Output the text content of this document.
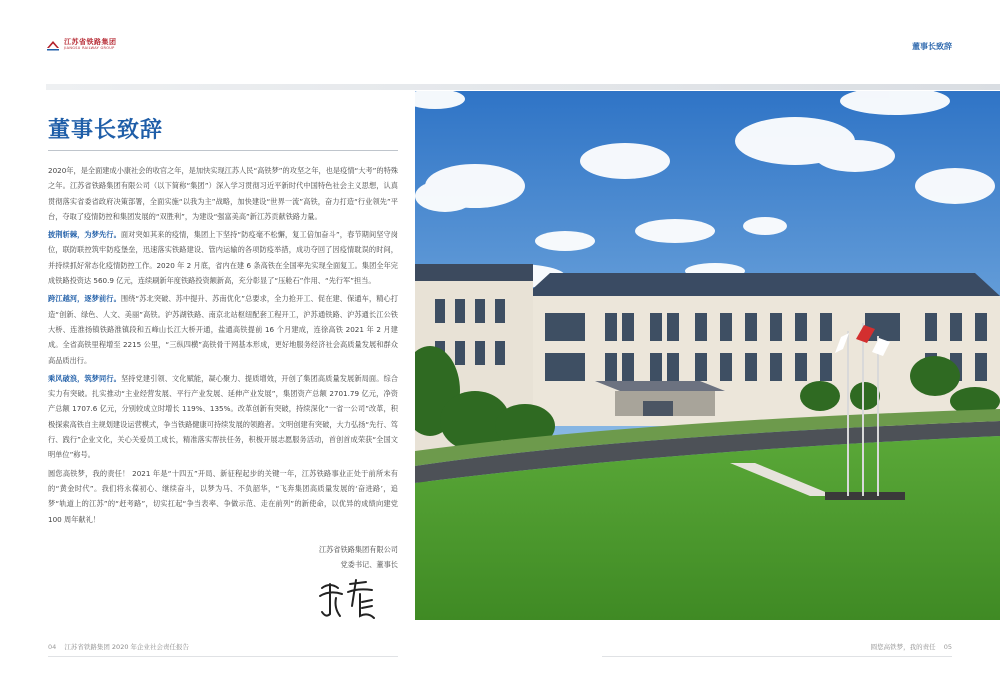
江苏省铁路集团
JIANGSU RAILWAY GROUP	董事长致辞
董事长致辞

2020年，是全面建成小康社会的收官之年，是加快实现江苏人民“高铁梦”的攻坚之年，也是疫情“大考”的特殊之年。江苏省铁路集团有限公司（以下简称“集团”）深入学习贯彻习近平新时代中国特色社会主义思想，认真贯彻落实省委省政府决策部署，全面实施“以我为主”战略，加快建设“世界一流”高铁，奋力打造“行业领先”平台，夺取了疫情防控和集团发展的“双胜利”，为建设“强富美高”新江苏贡献铁路力量。

披荆斩棘，为梦先行。面对突如其来的疫情，集团上下坚持“防疫毫不松懈，复工倍加奋斗”，春节期间坚守岗位，联防联控筑牢防疫堡垒，迅速落实铁路建设、管内运输的各项防疫举措，成功夺回了因疫情耽误的时间，并持续抓好常态化疫情防控工作。2020 年 2 月底，省内在建 6 条高铁在全国率先实现全面复工。集团全年完成铁路投资达 560.9 亿元，连续刷新年度铁路投资额新高，充分彰显了“压舱石”作用、“先行军”担当。

跨江越河，逐梦前行。围绕“苏北突破、苏中提升、苏南优化”总要求，全力抢开工、促在建、保通车，精心打造“创新、绿色、人文、美丽”高铁。沪苏湖铁路、南京北站枢纽配套工程开工，沪苏通铁路、沪苏通长江公铁大桥、连淮扬镇铁路淮镇段和五峰山长江大桥开通，盐通高铁提前 16 个月建成，连徐高铁 2021 年 2 月建成。全省高铁里程增至 2215 公里，“三纵四横”高铁骨干网基本形成，更好地服务经济社会高质量发展和群众高品质出行。

乘风破浪，筑梦同行。坚持党建引领、文化赋能，凝心聚力、提质增效，开创了集团高质量发展新局面。综合实力有突破。扎实推动“主业经营发展、平行产业发展、延伸产业发展”，集团资产总额 2701.79 亿元，净资产总额 1707.6 亿元，分别较成立时增长 119%、135%。改革创新有突破，持续深化“一省一公司”改革，积极探索高铁自主规划建设运营模式，争当铁路健康可持续发展的领跑者。文明创建有突破，大力弘扬“先行、笃行、践行”企业文化，关心关爱员工成长，精准落实帮扶任务，积极开展志愿服务活动，首创首成荣获“全国文明单位”称号。

圆您高铁梦，我的责任！ 2021 年是“十四五”开局、新征程起步的关键一年，江苏铁路事业正处于前所未有的“黄金时代”。我们将永葆初心、继续奋斗，以梦为马、不负韶华，“飞奔集团高质量发展的‘奋进路’，追梦“轨道上的江苏”的“赶考路”，切实扛起“争当表率、争做示范、走在前列”的新使命，以优异的成绩向建党 100 周年献礼！

江苏省铁路集团有限公司
党委书记、董事长
04 江苏省铁路集团 2020 年企业社会责任报告	圆您高铁梦，我的责任 05
